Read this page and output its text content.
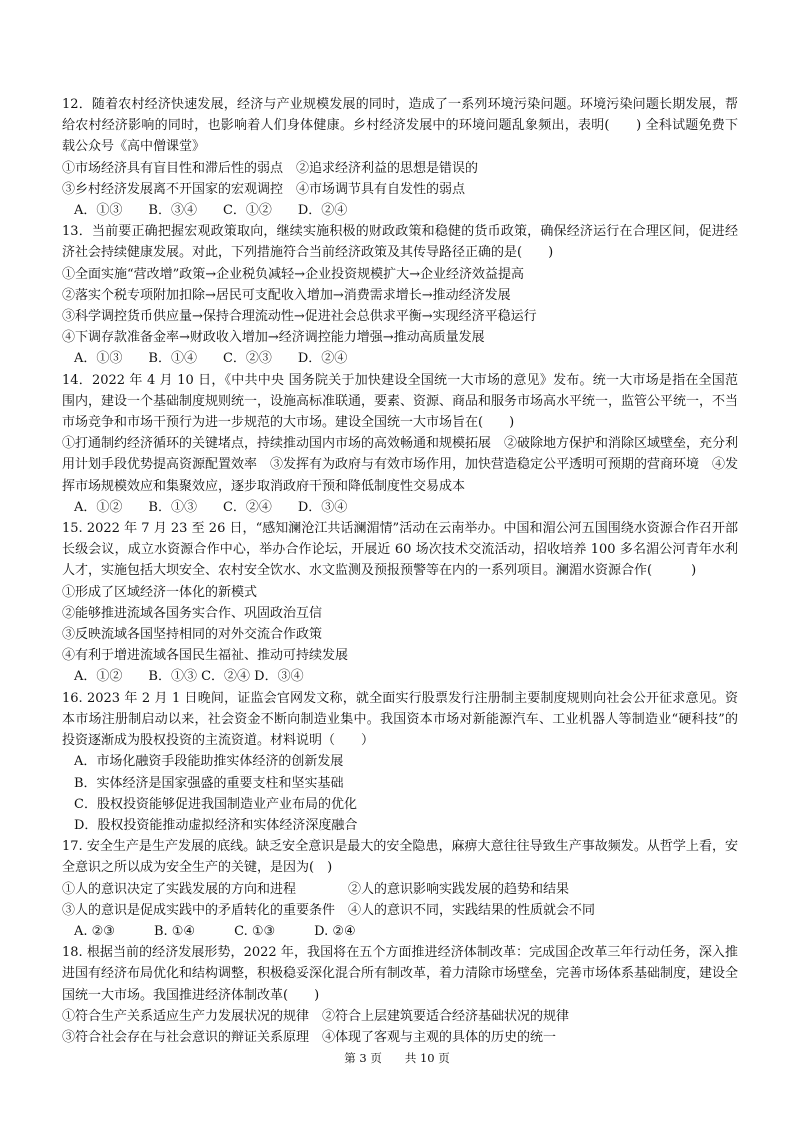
12．随着农村经济快速发展，经济与产业规模发展的同时，造成了一系列环境污染问题。环境污染问题长期发展，帮给农村经济影响的同时，也影响着人们身体健康。乡村经济发展中的环境问题乱象频出，表明(　　) 全科试题免费下载公众号《高中僧课堂》

①市场经济具有盲目性和滞后性的弱点　②追求经济利益的思想是错误的

③乡村经济发展离不开国家的宏观调控　④市场调节具有自发性的弱点

A．①③　　B．③④　　C．①②　　D．②④

13．当前要正确把握宏观政策取向，继续实施积极的财政政策和稳健的货币政策，确保经济运行在合理区间，促进经济社会持续健康发展。对此，下列措施符合当前经济政策及其传导路径正确的是(　　)

①全面实施“营改增”政策→企业税负减轻→企业投资规模扩大→企业经济效益提高

②落实个税专项附加扣除→居民可支配收入增加→消费需求增长→推动经济发展

③科学调控货币供应量→保持合理流动性→促进社会总供求平衡→实现经济平稳运行

④下调存款准备金率→财政收入增加→经济调控能力增强→推动高质量发展

A．①③　　B．①④　　C．②③　　D．②④

14．2022 年 4 月 10 日，《中共中央 国务院关于加快建设全国统一大市场的意见》发布。统一大市场是指在全国范围内，建设一个基础制度规则统一，设施高标准联通，要素、资源、商品和服务市场高水平统一，监管公平统一，不当市场竞争和市场干预行为进一步规范的大市场。建设全国统一大市场旨在(　　)

①打通制约经济循环的关键堵点，持续推动国内市场的高效畅通和规模拓展　②破除地方保护和消除区域壁垒，充分利用计划手段优势提高资源配置效率　③发挥有为政府与有效市场作用，加快营造稳定公平透明可预期的营商环境　④发挥市场规模效应和集聚效应，逐步取消政府干预和降低制度性交易成本

A．①②　　B．①③　　C．②④　　D．③④

15. 2022 年 7 月 23 至 26 日，“感知澜沧江共话澜湄情”活动在云南举办。中国和湄公河五国围绕水资源合作召开部长级会议，成立水资源合作中心，举办合作论坛，开展近 60 场次技术交流活动，招收培养 100 多名湄公河青年水利人才，实施包括大坝安全、农村安全饮水、水文监测及预报预警等在内的一系列项目。澜湄水资源合作(　　　)

①形成了区域经济一体化的新模式

②能够推进流域各国务实合作、巩固政治互信

③反映流域各国坚持相同的对外交流合作政策

④有利于增进流域各国民生福祉、推动可持续发展

A．①②　　B．①③ C．②④ D．③④

16. 2023 年 2 月 1 日晚间，证监会官网发文称，就全面实行股票发行注册制主要制度规则向社会公开征求意见。资本市场注册制启动以来，社会资金不断向制造业集中。我国资本市场对新能源汽车、工业机器人等制造业“硬科技”的投资逐渐成为股权投资的主流资道。材料说明（　　）

A．市场化融资手段能助推实体经济的创新发展

B．实体经济是国家强盛的重要支柱和坚实基础

C．股权投资能够促进我国制造业产业布局的优化

D．股权投资能推动虚拟经济和实体经济深度融合

17. 安全生产是生产发展的底线。缺乏安全意识是最大的安全隐患，麻痹大意往往导致生产事故频发。从哲学上看，安全意识之所以成为安全生产的关键，是因为(　)

①人的意识决定了实践发展的方向和进程　　　　②人的意识影响实践发展的趋势和结果

③人的意识是促成实践中的矛盾转化的重要条件　④人的意识不同，实践结果的性质就会不同

A. ②③　　　B. ①④　　　C. ①③　　　D. ②④

18. 根据当前的经济发展形势，2022 年，我国将在五个方面推进经济体制改革：完成国企改革三年行动任务，深入推进国有经济布局优化和结构调整，积极稳妥深化混合所有制改革，着力清除市场壁垒，完善市场体系基础制度，建设全国统一大市场。我国推进经济体制改革(　　)

①符合生产关系适应生产力发展状况的规律　②符合上层建筑要适合经济基础状况的规律

③符合社会存在与社会意识的辩证关系原理　④体现了客观与主观的具体的历史的统一

第 3 页　　共 10 页
